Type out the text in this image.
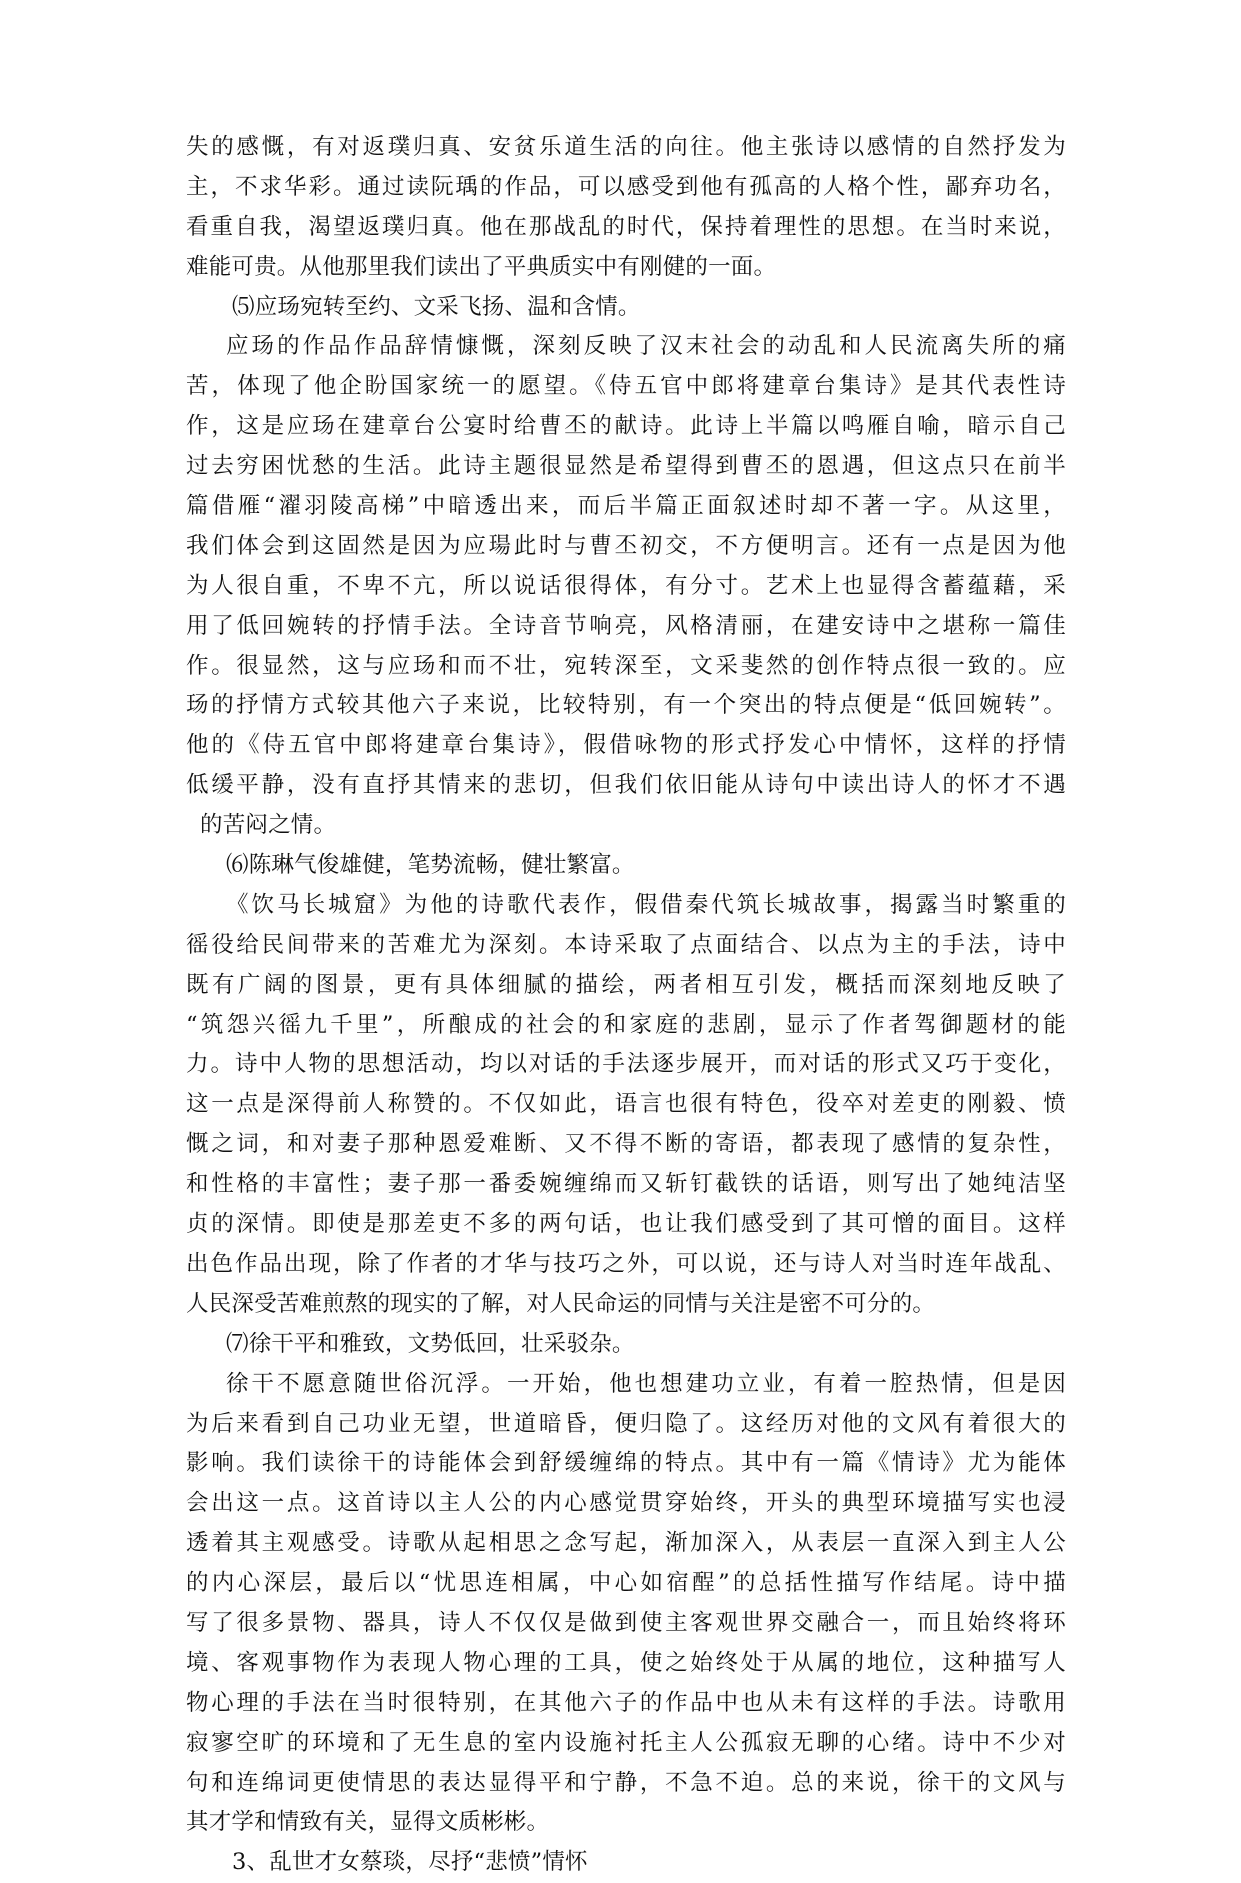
失的感慨，有对返璞归真、安贫乐道生活的向往。他主张诗以感情的自然抒发为
主，不求华彩。通过读阮瑀的作品，可以感受到他有孤高的人格个性，鄙弃功名，
看重自我，渴望返璞归真。他在那战乱的时代，保持着理性的思想。在当时来说，
难能可贵。从他那里我们读出了平典质实中有刚健的一面。
⑸应玚宛转至约、文采飞扬、温和含情。
应玚的作品作品辞情慷慨，深刻反映了汉末社会的动乱和人民流离失所的痛
苦，体现了他企盼国家统一的愿望。《侍五官中郎将建章台集诗》是其代表性诗
作，这是应玚在建章台公宴时给曹丕的献诗。此诗上半篇以鸣雁自喻，暗示自己
过去穷困忧愁的生活。此诗主题很显然是希望得到曹丕的恩遇，但这点只在前半
篇借雁“濯羽陵高梯”中暗透出来，而后半篇正面叙述时却不著一字。从这里，
我们体会到这固然是因为应瑒此时与曹丕初交，不方便明言。还有一点是因为他
为人很自重，不卑不亢，所以说话很得体，有分寸。艺术上也显得含蓄蕴藉，采
用了低回婉转的抒情手法。全诗音节响亮，风格清丽，在建安诗中之堪称一篇佳
作。很显然，这与应玚和而不壮，宛转深至，文采斐然的创作特点很一致的。应
玚的抒情方式较其他六子来说，比较特别，有一个突出的特点便是“低回婉转”。
他的《侍五官中郎将建章台集诗》，假借咏物的形式抒发心中情怀，这样的抒情
低缓平静，没有直抒其情来的悲切，但我们依旧能从诗句中读出诗人的怀才不遇
的苦闷之情。
⑹陈琳气俊雄健，笔势流畅，健壮繁富。
《饮马长城窟》为他的诗歌代表作，假借秦代筑长城故事，揭露当时繁重的
徭役给民间带来的苦难尤为深刻。本诗采取了点面结合、以点为主的手法，诗中
既有广阔的图景，更有具体细腻的描绘，两者相互引发，概括而深刻地反映了
“筑怨兴徭九千里”，所酿成的社会的和家庭的悲剧，显示了作者驾御题材的能
力。诗中人物的思想活动，均以对话的手法逐步展开，而对话的形式又巧于变化，
这一点是深得前人称赞的。不仅如此，语言也很有特色，役卒对差吏的刚毅、愤
慨之词，和对妻子那种恩爱难断、又不得不断的寄语，都表现了感情的复杂性，
和性格的丰富性；妻子那一番委婉缠绵而又斩钉截铁的话语，则写出了她纯洁坚
贞的深情。即使是那差吏不多的两句话，也让我们感受到了其可憎的面目。这样
出色作品出现，除了作者的才华与技巧之外，可以说，还与诗人对当时连年战乱、
人民深受苦难煎熬的现实的了解，对人民命运的同情与关注是密不可分的。
⑺徐干平和雅致，文势低回，壮采驳杂。
徐干不愿意随世俗沉浮。一开始，他也想建功立业，有着一腔热情，但是因
为后来看到自己功业无望，世道暗昏，便归隐了。这经历对他的文风有着很大的
影响。我们读徐干的诗能体会到舒缓缠绵的特点。其中有一篇《情诗》尤为能体
会出这一点。这首诗以主人公的内心感觉贯穿始终，开头的典型环境描写实也浸
透着其主观感受。诗歌从起相思之念写起，渐加深入，从表层一直深入到主人公
的内心深层，最后以“忧思连相属，中心如宿酲”的总括性描写作结尾。诗中描
写了很多景物、器具，诗人不仅仅是做到使主客观世界交融合一，而且始终将环
境、客观事物作为表现人物心理的工具，使之始终处于从属的地位，这种描写人
物心理的手法在当时很特别，在其他六子的作品中也从未有这样的手法。诗歌用
寂寥空旷的环境和了无生息的室内设施衬托主人公孤寂无聊的心绪。诗中不少对
句和连绵词更使情思的表达显得平和宁静，不急不迫。总的来说，徐干的文风与
其才学和情致有关，显得文质彬彬。
3、乱世才女蔡琰，尽抒“悲愤”情怀
